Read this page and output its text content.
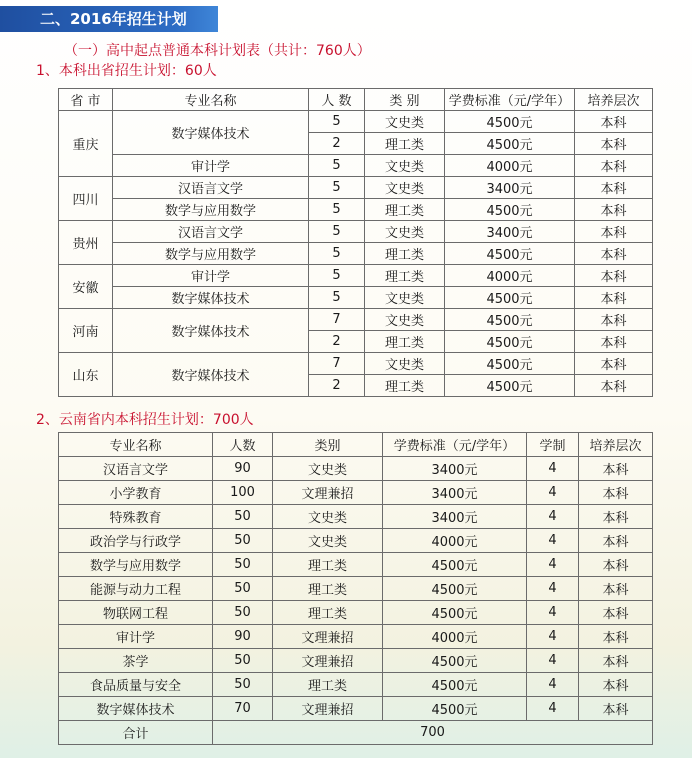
二、2016年招生计划
（一）高中起点普通本科计划表（共计：760人）
1、本科出省招生计划：60人
省 市	专业名称	人 数	类 别	学费标准（元/学年）	培养层次
重庆	数字媒体技术	5	文史类	4500元	本科
		2	理工类	4500元	本科
	审计学	5	文史类	4000元	本科
四川	汉语言文学	5	文史类	3400元	本科
	数学与应用数学	5	理工类	4500元	本科
贵州	汉语言文学	5	文史类	3400元	本科
	数学与应用数学	5	理工类	4500元	本科
安徽	审计学	5	理工类	4000元	本科
	数字媒体技术	5	文史类	4500元	本科
河南	数字媒体技术	7	文史类	4500元	本科
		2	理工类	4500元	本科
山东	数字媒体技术	7	文史类	4500元	本科
		2	理工类	4500元	本科
2、云南省内本科招生计划：700人
专业名称	人数	类别	学费标准（元/学年）	学制	培养层次
汉语言文学	90	文史类	3400元	4	本科
小学教育	100	文理兼招	3400元	4	本科
特殊教育	50	文史类	3400元	4	本科
政治学与行政学	50	文史类	4000元	4	本科
数学与应用数学	50	理工类	4500元	4	本科
能源与动力工程	50	理工类	4500元	4	本科
物联网工程	50	理工类	4500元	4	本科
审计学	90	文理兼招	4000元	4	本科
茶学	50	文理兼招	4500元	4	本科
食品质量与安全	50	理工类	4500元	4	本科
数字媒体技术	70	文理兼招	4500元	4	本科
合计	700				
